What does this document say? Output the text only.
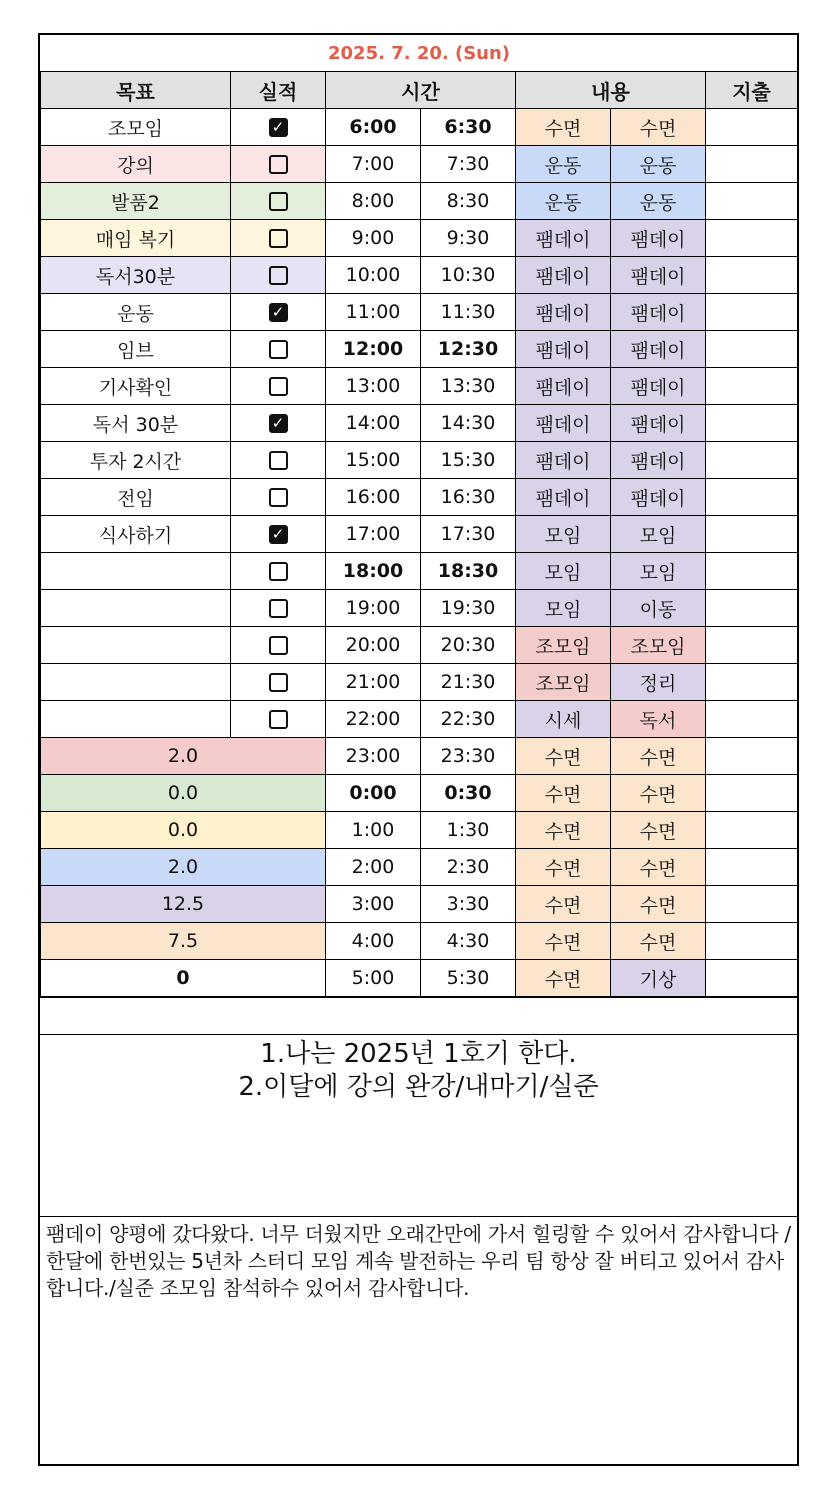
2025. 7. 20. (Sun)						
목표	실적	시간		내용		지출
조모임	✓	6:00	6:30	수면	수면	
강의		7:00	7:30	운동	운동	
발품2		8:00	8:30	운동	운동	
매임 복기		9:00	9:30	팸데이	팸데이	
독서30분		10:00	10:30	팸데이	팸데이	
운동	✓	11:00	11:30	팸데이	팸데이	
임브		12:00	12:30	팸데이	팸데이	
기사확인		13:00	13:30	팸데이	팸데이	
독서 30분	✓	14:00	14:30	팸데이	팸데이	
투자 2시간		15:00	15:30	팸데이	팸데이	
전임		16:00	16:30	팸데이	팸데이	
식사하기	✓	17:00	17:30	모임	모임	
		18:00	18:30	모임	모임	
		19:00	19:30	모임	이동	
		20:00	20:30	조모임	조모임	
		21:00	21:30	조모임	정리	
		22:00	22:30	시세	독서	
2.0		23:00	23:30	수면	수면	
0.0		0:00	0:30	수면	수면	
0.0		1:00	1:30	수면	수면	
2.0		2:00	2:30	수면	수면	
12.5		3:00	3:30	수면	수면	
7.5		4:00	4:30	수면	수면	
0		5:00	5:30	수면	기상	
1.나는 2025년 1호기 한다.
2.이달에 강의 완강/내마기/실준
팸데이 양평에 갔다왔다. 너무 더웠지만 오래간만에 가서 힐링할 수 있어서 감사합니다 / 한달에 한번있는 5년차 스터디 모임 계속 발전하는 우리 팀 항상 잘 버티고 있어서 감사합니다./실준 조모임 참석하수 있어서 감사합니다.
